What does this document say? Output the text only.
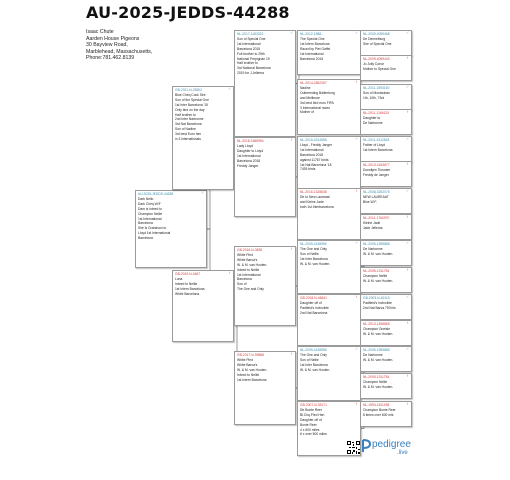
AU-2025-JEDDS-44288
Isaac Chute
Aarden House Pigeons
30 Bayview Road,
Marblehead, Massachusetts,
Phone:781.462.8139
AU-2025-JEDDS-44288	♂
Dark Nello
Dark Cheq W/F
Dam is inbred to
Champion Nellie
1st International
Barcelona
Sire is Grandson to
Lloyd 1st International
Barcelona
GB-2021-N-25502	♂
Blue Cheq Cock Sire
Son of the Special One
1st Inter Barcelona '15
Only bird on the day
Half brother to
2nd Inter Narbonne
3rd Nat Barcelona
Son of Nadine
3rd best Euro hen
in 3 internationals
GB-2019-N-0467	♀
Luna
Inbred to Nellie
1st Intern Barcelona
White Barcelona
NL-2017-1183323	♂
Son of Special One
1st International
Barcelona 2015
Full brother to 29th
National Perpignan 19
Half brother to
3rd National Barcelona
2019 for J.Jellema
NL-2018-1668994	♀
Lady Lloyd
Daughter to Lloyd
1st International
Barcelona 2018
Freddy Janger
GB-2016-N-3835	♀
White Pied
White Barca's
W. & M. van Houten.
Inbred to Nellie
1st International
Barcelona
Son of
The One and Only
GB-2017-N-99858	♀
White Pied
White Barca's
W. & M. van Houten.
Inbred to Nellie
1st Intern Barcelona
NL-2012-1658...	♂
The Special One
1st Intern Barcelona
Raced by Piet Gaffel
1st International
Barcelona 2015
NL-2014-4362267	♀
Nadine
Outbreeding Ballenburg
and Meilleure
3rd best bird euro FIPA
3 International races
Mother of
NL-2015-4314556	♂
Lloyd - Freddy Janger
1st International
Barcelona 2018
against 11767 birds
1st Nat Barcelona '18
7439 birds
NL-2016-1328638	♀
Dtr to New Laureaat
and Kleine Jade
both 1st Interbarcelona
NL-2009-4138596	♂
The One and Only
Son of Nellie
1st Inter Barcelona
W. & M. van Houten.
GB-2018-N-46641	♀
Daughter off of
Padfield's Invincible
2nd Nat Barcelona
NL-2009-4138596	♂
The One and Only
Son of Nellie
1st Inter Barcelona
W. & M. van Houten.
GB-2007-N-35171	♀
Dtr Bonte Reer
Bl.Chq.Pied Hen
Daughter off of
Bonte Reer
4 x 600 miles
6 x over 500 miles
NL-2009-4099468	♂
De Dennelburg
Sire of Special One
NL-2009-4099443	♀
Jo Jolly Coeur
Mother to Special One
NL-2011-1593150	♂
Son of Montauban
1th, 10th, 73rd
NL-2011-1166120	♀
Daughter to
De Narbonne
NL-2011-4312818	♂
Father of Lloyd
1st Intern Barcelona
NL-2013-4163677	♀
Dorwitjen Tiunnem
Freddy de Janger
NL-2008-3252075	♂
NEW LAUREAAT
Blue W.F.
NL-2011-1760970	♀
Kleine Jade
Jade Jellema
NL-2006-1955886	♂
De Narbonne
W. & M. van Houten.
NL-2005-1311754	♀
Champion Nellie
W. & M. van Houten.
GB-2003-N-62115	♂
Padfield's Invincible
2nd Nat Barca 757mls
NL-2013-1458865	♀
Champion Gneisie
W. & M. van Houten.
NL-2006-1955886	♂
De Narbonne
W. & M. van Houten.
NL-2005-1311754	♀
Champion Nellie
W. & M. van Houten.
NL-1993-1811038	♀
Champion Bonte Reer
8 times over 600 mls
pedigree
.live
